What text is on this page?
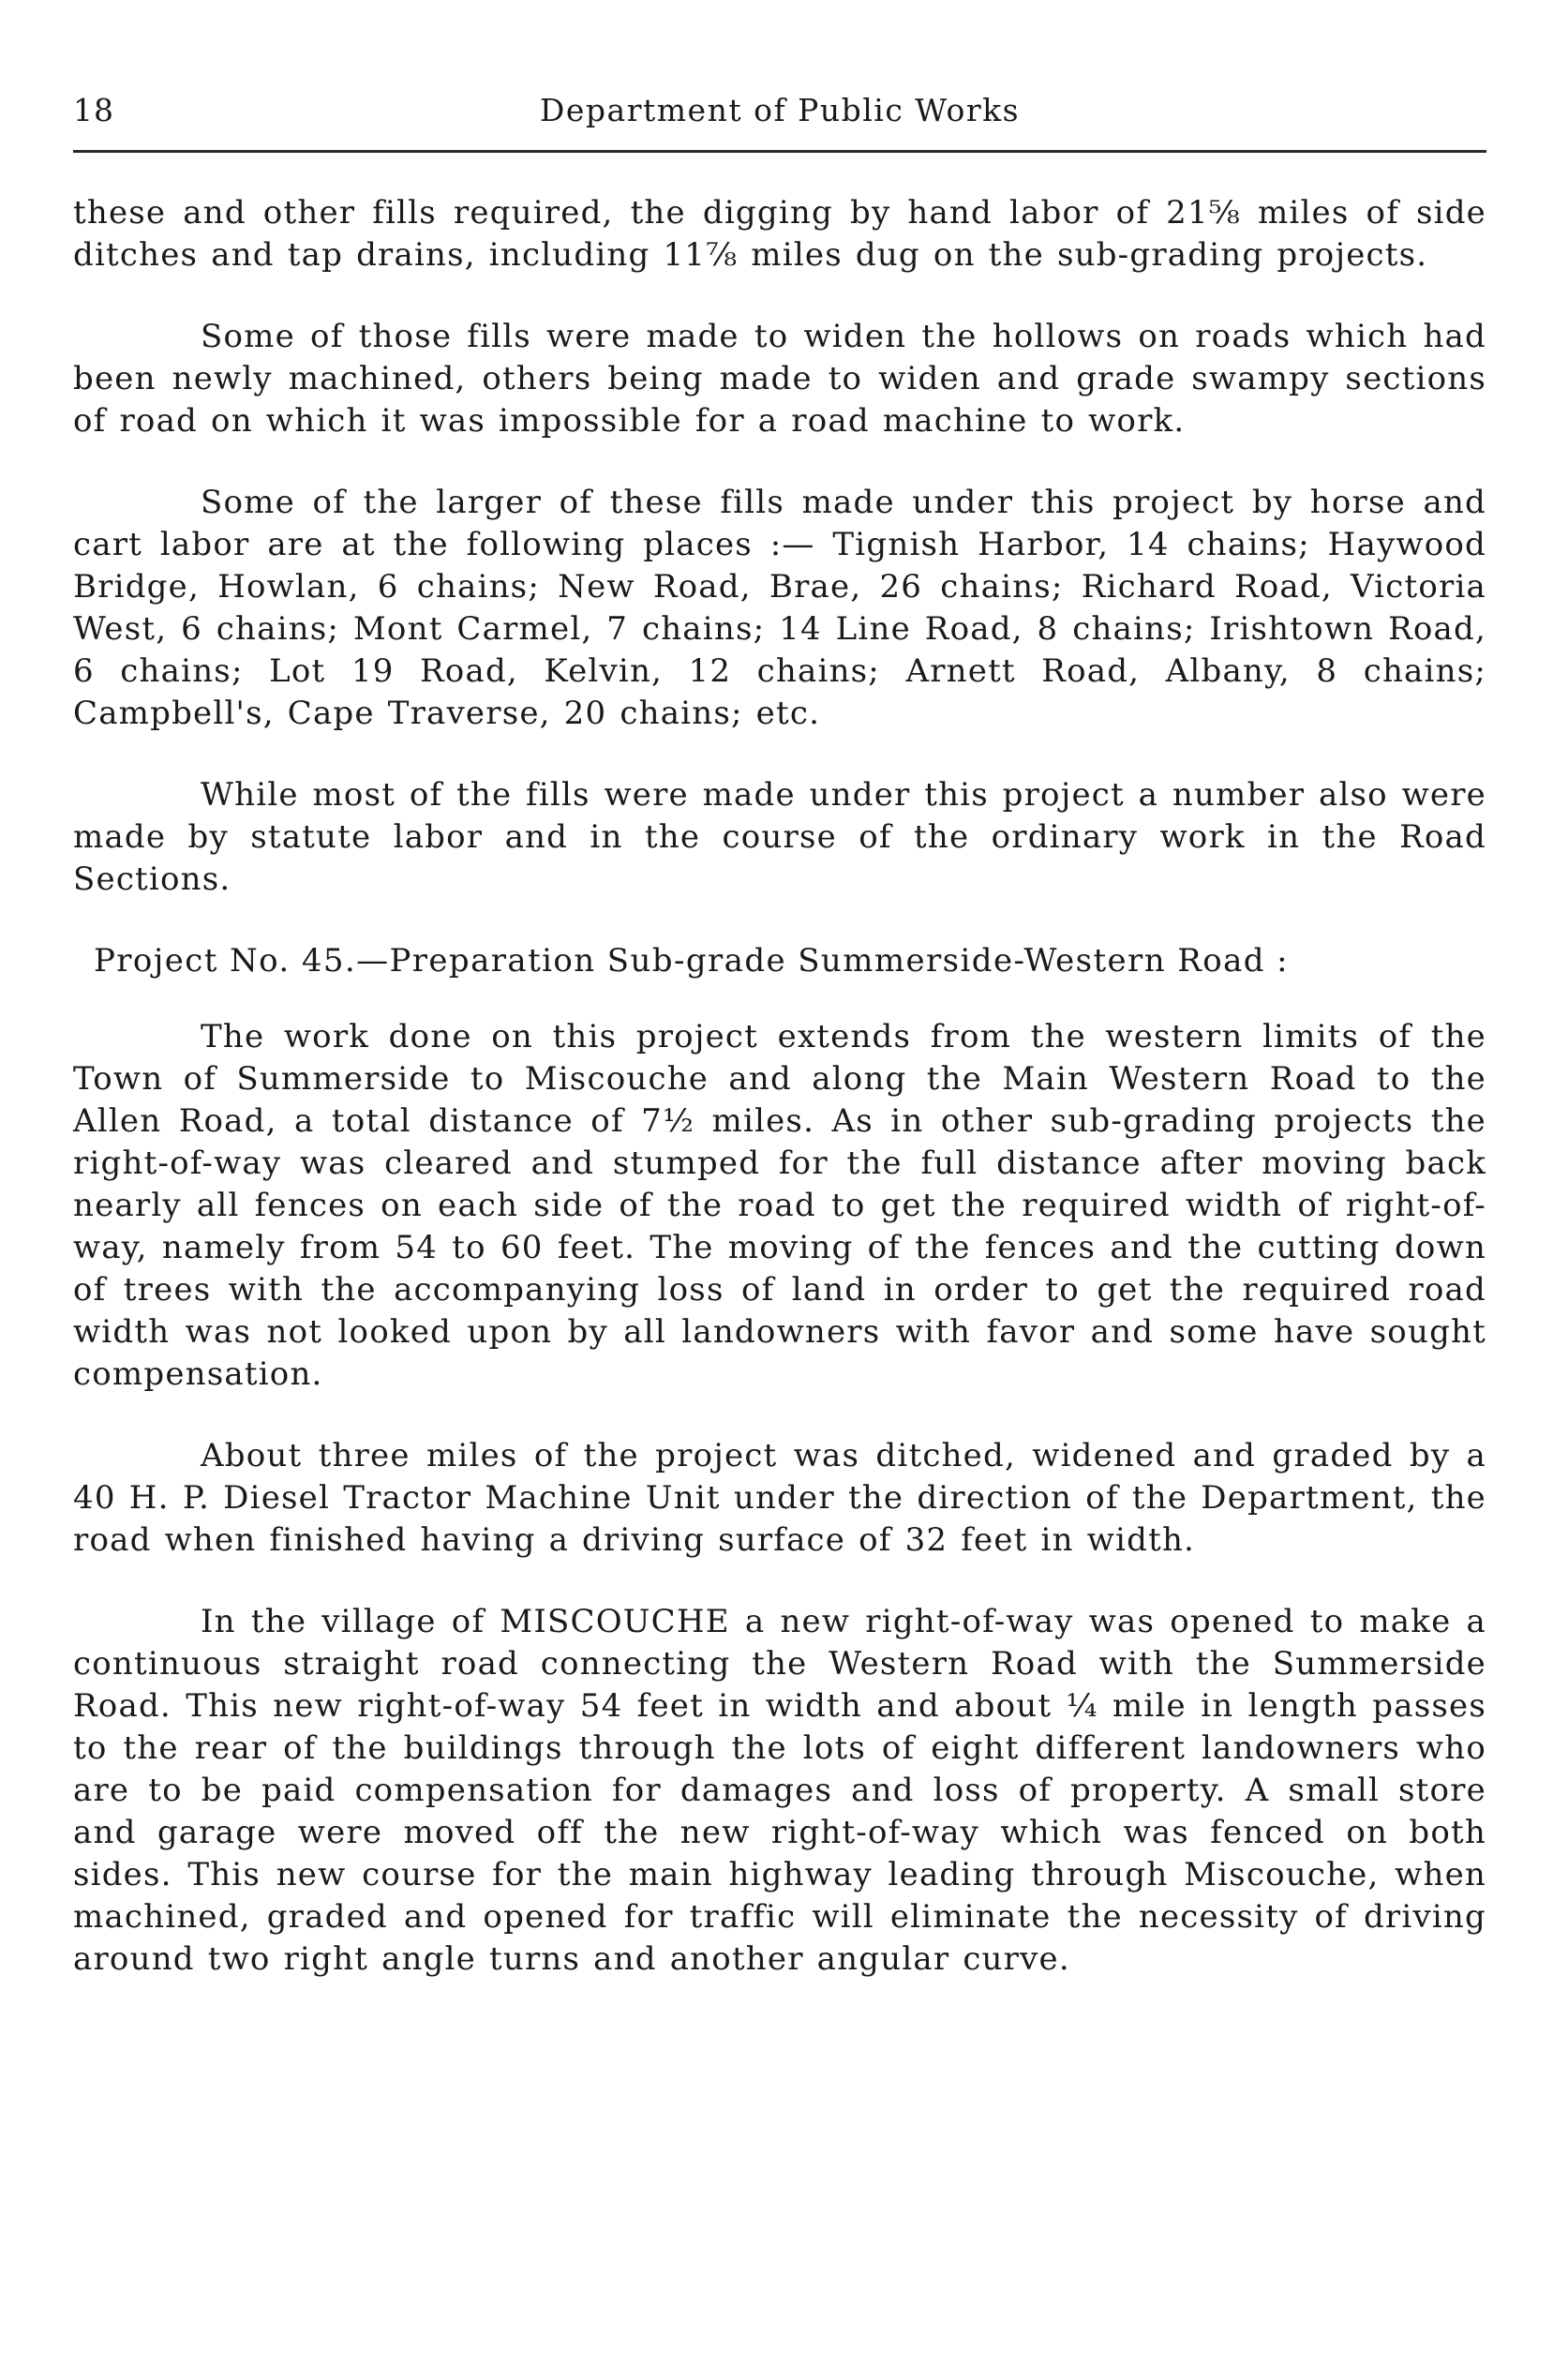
18	Department of Public Works

these and other fills required, the digging by hand labor of 21⅝ miles of side ditches and tap drains, including 11⅞ miles dug on the sub-grading projects.

Some of those fills were made to widen the hollows on roads which had been newly machined, others being made to widen and grade swampy sections of road on which it was impossible for a road machine to work.

Some of the larger of these fills made under this project by horse and cart labor are at the following places :— Tignish Harbor, 14 chains; Haywood Bridge, Howlan, 6 chains; New Road, Brae, 26 chains; Richard Road, Victoria West, 6 chains; Mont Carmel, 7 chains; 14 Line Road, 8 chains; Irishtown Road, 6 chains; Lot 19 Road, Kelvin, 12 chains; Arnett Road, Albany, 8 chains; Campbell's, Cape Traverse, 20 chains; etc.

While most of the fills were made under this project a number also were made by statute labor and in the course of the ordinary work in the Road Sections.

Project No. 45.—Preparation Sub-grade Summerside-Western Road :

The work done on this project extends from the western limits of the Town of Summerside to Miscouche and along the Main Western Road to the Allen Road, a total distance of 7½ miles. As in other sub-grading projects the right-of-way was cleared and stumped for the full distance after moving back nearly all fences on each side of the road to get the required width of right-of-way, namely from 54 to 60 feet. The moving of the fences and the cutting down of trees with the accompanying loss of land in order to get the required road width was not looked upon by all landowners with favor and some have sought compensation.

About three miles of the project was ditched, widened and graded by a 40 H. P. Diesel Tractor Machine Unit under the direction of the Department, the road when finished having a driving surface of 32 feet in width.

In the village of MISCOUCHE a new right-of-way was opened to make a continuous straight road connecting the Western Road with the Summerside Road. This new right-of-way 54 feet in width and about ¼ mile in length passes to the rear of the buildings through the lots of eight different landowners who are to be paid compensation for damages and loss of property. A small store and garage were moved off the new right-of-way which was fenced on both sides. This new course for the main highway leading through Miscouche, when machined, graded and opened for traffic will eliminate the necessity of driving around two right angle turns and another angular curve.
